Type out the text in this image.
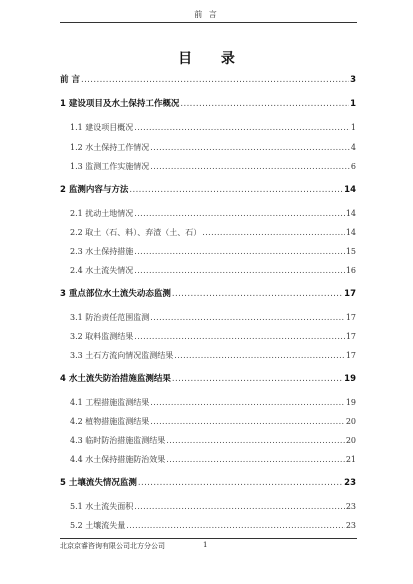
前 言
目 录
前 言 .....	3
1 建设项目及水土保持工作概况 .....	1
1.1 建设项目概况 .....	1
1.2 水土保持工作情况 .....	4
1.3 监测工作实施情况 .....	6
2 监测内容与方法 .....	14
2.1 扰动土地情况 .....	14
2.2 取土（石、料）、弃渣（土、石） .....	14
2.3 水土保持措施 .....	15
2.4 水土流失情况 .....	16
3 重点部位水土流失动态监测 .....	17
3.1 防治责任范围监测 .....	17
3.2 取料监测结果 .....	17
3.3 土石方流向情况监测结果 .....	17
4 水土流失防治措施监测结果 .....	19
4.1 工程措施监测结果 .....	19
4.2 植物措施监测结果 .....	20
4.3 临时防治措施监测结果 .....	20
4.4 水土保持措施防治效果 .....	21
5 土壤流失情况监测 .....	23
5.1 水土流失面积 .....	23
5.2 土壤流失量 .....	23
北京京睿咨询有限公司北方分公司	1
